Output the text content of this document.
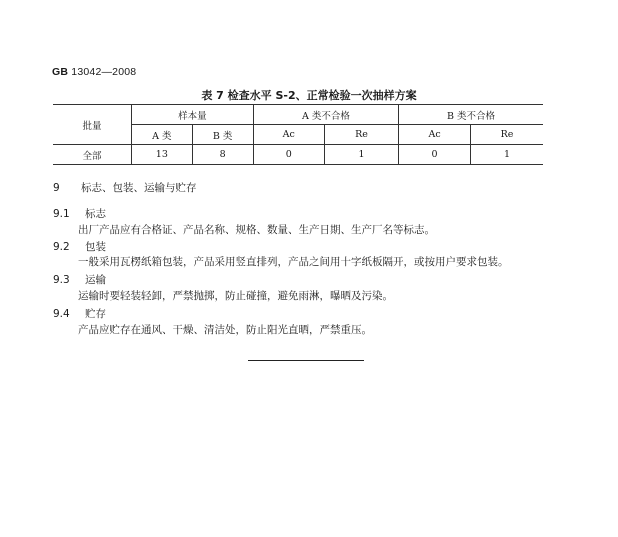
GB 13042—2008
表 7 检查水平 S-2、正常检验一次抽样方案
批量	样本量		A 类不合格		B 类不合格	
	A 类	B 类	Ac	Re	Ac	Re
全部	13	8	0	1	0	1
9 标志、包装、运输与贮存
9.1 标志
出厂产品应有合格证、产品名称、规格、数量、生产日期、生产厂名等标志。
9.2 包装
一般采用瓦楞纸箱包装，产品采用竖直排列，产品之间用十字纸板隔开，或按用户要求包装。
9.3 运输
运输时要轻装轻卸，严禁抛掷，防止碰撞，避免雨淋，曝晒及污染。
9.4 贮存
产品应贮存在通风、干燥、清洁处，防止阳光直晒，严禁重压。
